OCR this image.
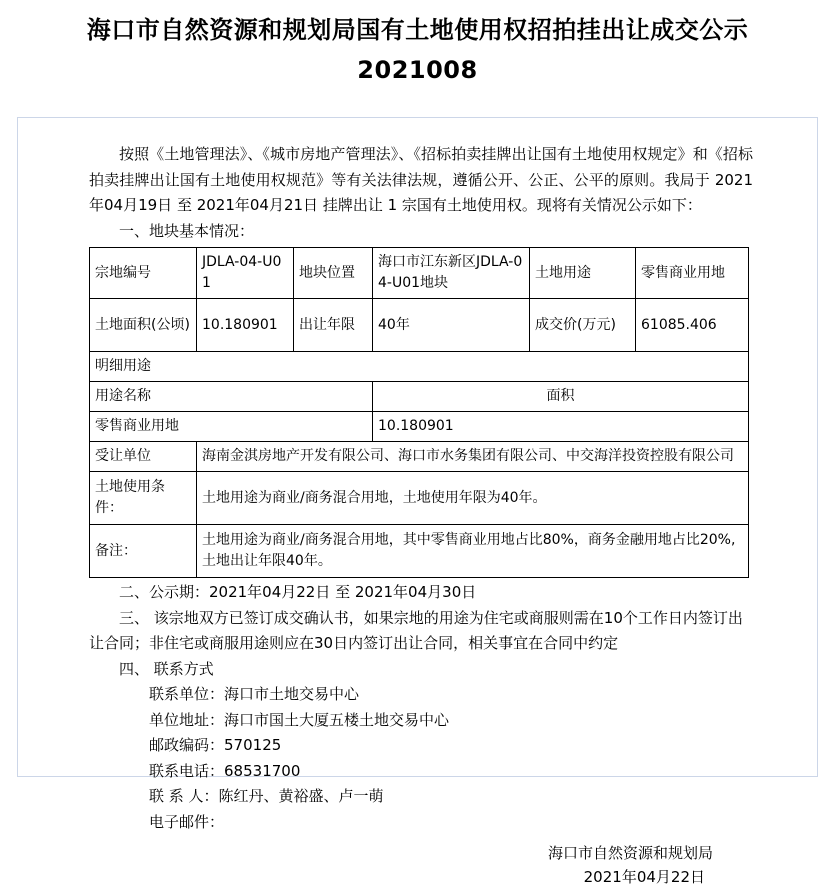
海口市自然资源和规划局国有土地使用权招拍挂出让成交公示
2021008
按照《土地管理法》、《城市房地产管理法》、《招标拍卖挂牌出让国有土地使用权规定》和《招标拍卖挂牌出让国有土地使用权规范》等有关法律法规，遵循公开、公正、公平的原则。我局于 2021年04月19日 至 2021年04月21日 挂牌出让 1 宗国有土地使用权。现将有关情况公示如下：
一、地块基本情况：
宗地编号	JDLA-04-U01	地块位置	海口市江东新区JDLA-04-U01地块	土地用途	零售商业用地
土地面积(公顷)	10.180901	出让年限	40年	成交价(万元)	61085.406
明细用途					
用途名称			面积		
零售商业用地			10.180901		
受让单位	海南金淇房地产开发有限公司、海口市水务集团有限公司、中交海洋投资控股有限公司				
土地使用条件：	土地用途为商业/商务混合用地，土地使用年限为40年。				
备注：	土地用途为商业/商务混合用地，其中零售商业用地占比80%，商务金融用地占比20%,土地出让年限40年。				
二、公示期：2021年04月22日 至 2021年04月30日
三、 该宗地双方已签订成交确认书，如果宗地的用途为住宅或商服则需在10个工作日内签订出让合同；非住宅或商服用途则应在30日内签订出让合同，相关事宜在合同中约定
四、 联系方式
联系单位：海口市土地交易中心
单位地址：海口市国土大厦五楼土地交易中心
邮政编码：570125
联系电话：68531700
联 系 人：陈红丹、黄裕盛、卢一萌
电子邮件：
海口市自然资源和规划局
2021年04月22日
